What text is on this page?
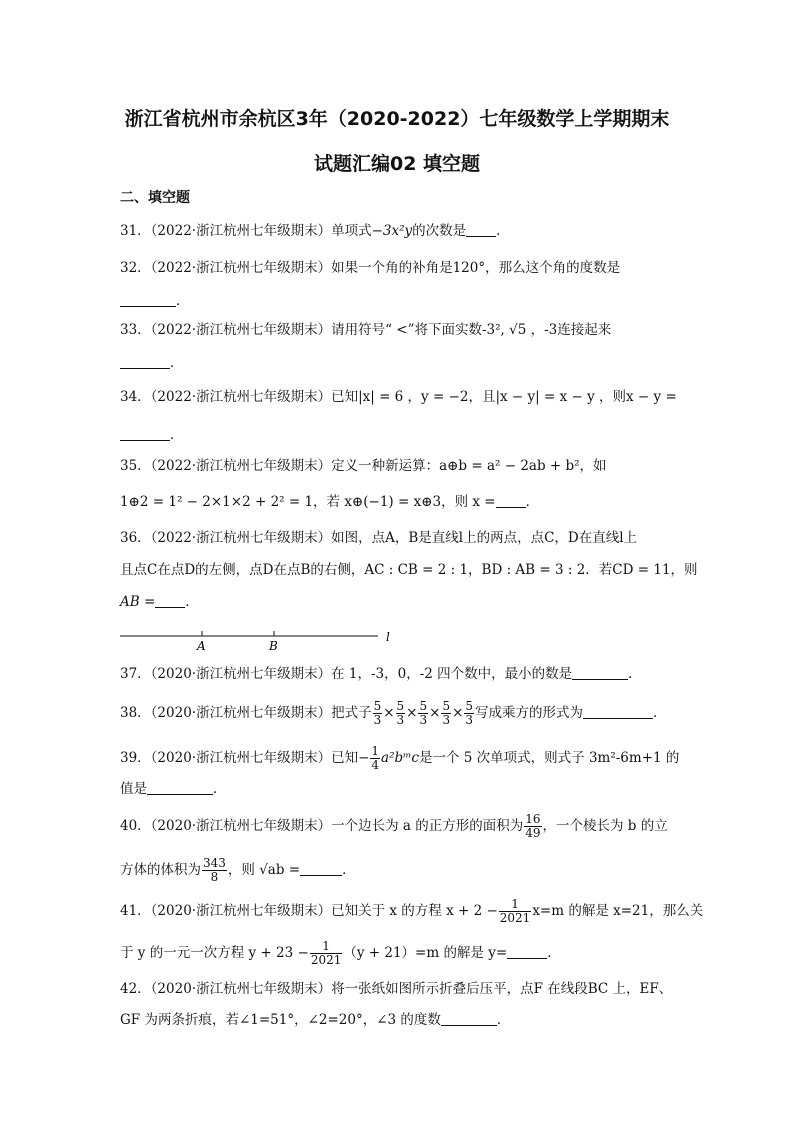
浙江省杭州市余杭区3年（2020-2022）七年级数学上学期期末
试题汇编02 填空题
二、填空题
31．（2022·浙江杭州七年级期末）单项式−3x²y的次数是 ．
32．（2022·浙江杭州七年级期末）如果一个角的补角是120°，那么这个角的度数是
．
33．（2022·浙江杭州七年级期末）请用符号“ <”将下面实数-3², √5 ，-3连接起来
．
34．（2022·浙江杭州七年级期末）已知|x| = 6 ，y = −2，且|x − y| = x − y ，则x − y =
．
35．（2022·浙江杭州七年级期末）定义一种新运算：a⊕b = a² − 2ab + b²，如
1⊕2 = 1² − 2×1×2 + 2² = 1，若 x⊕(−1) = x⊕3，则 x = ．
36．（2022·浙江杭州七年级期末）如图，点A，B是直线l上的两点，点C，D在直线l上
且点C在点D的左侧，点D在点B的右侧，AC : CB = 2 : 1，BD : AB = 3 : 2．若CD = 11，则
AB = ．
A	B
l
37．（2020·浙江杭州七年级期末）在 1，-3，0，-2 四个数中，最小的数是	．
38．（2020·浙江杭州七年级期末）把式子 $\frac{5}{3} \times \frac{5}{3} \times \frac{5}{3} \times \frac{5}{3} \times \frac{5}{3}$ 写成乘方的形式为	．
39．（2020·浙江杭州七年级期末）已知− $\frac{1}{4}$ a²bᵐc是一个 5 次单项式，则式子 3m²-6m+1 的
值是	．
40．（2020·浙江杭州七年级期末）一个边长为 a 的正方形的面积为 $\frac{16}{49}$ ，一个棱长为 b 的立
方体的体积为 $\frac{343}{8}$ ，则 √ab =	．
41．（2020·浙江杭州七年级期末）已知关于 x 的方程 $x + 2 - \frac{1}{2021} x=m$ 的解是 x=21，那么关
于 y 的一元一次方程 $y + 23 - \frac{1}{2021} (y + 21)=m$ 的解是 y=	．
42．（2020·浙江杭州七年级期末）将一张纸如图所示折叠后压平，点F 在线段BC 上，EF、
GF 为两条折痕，若∠1=51°，∠2=20°，∠3 的度数	．
